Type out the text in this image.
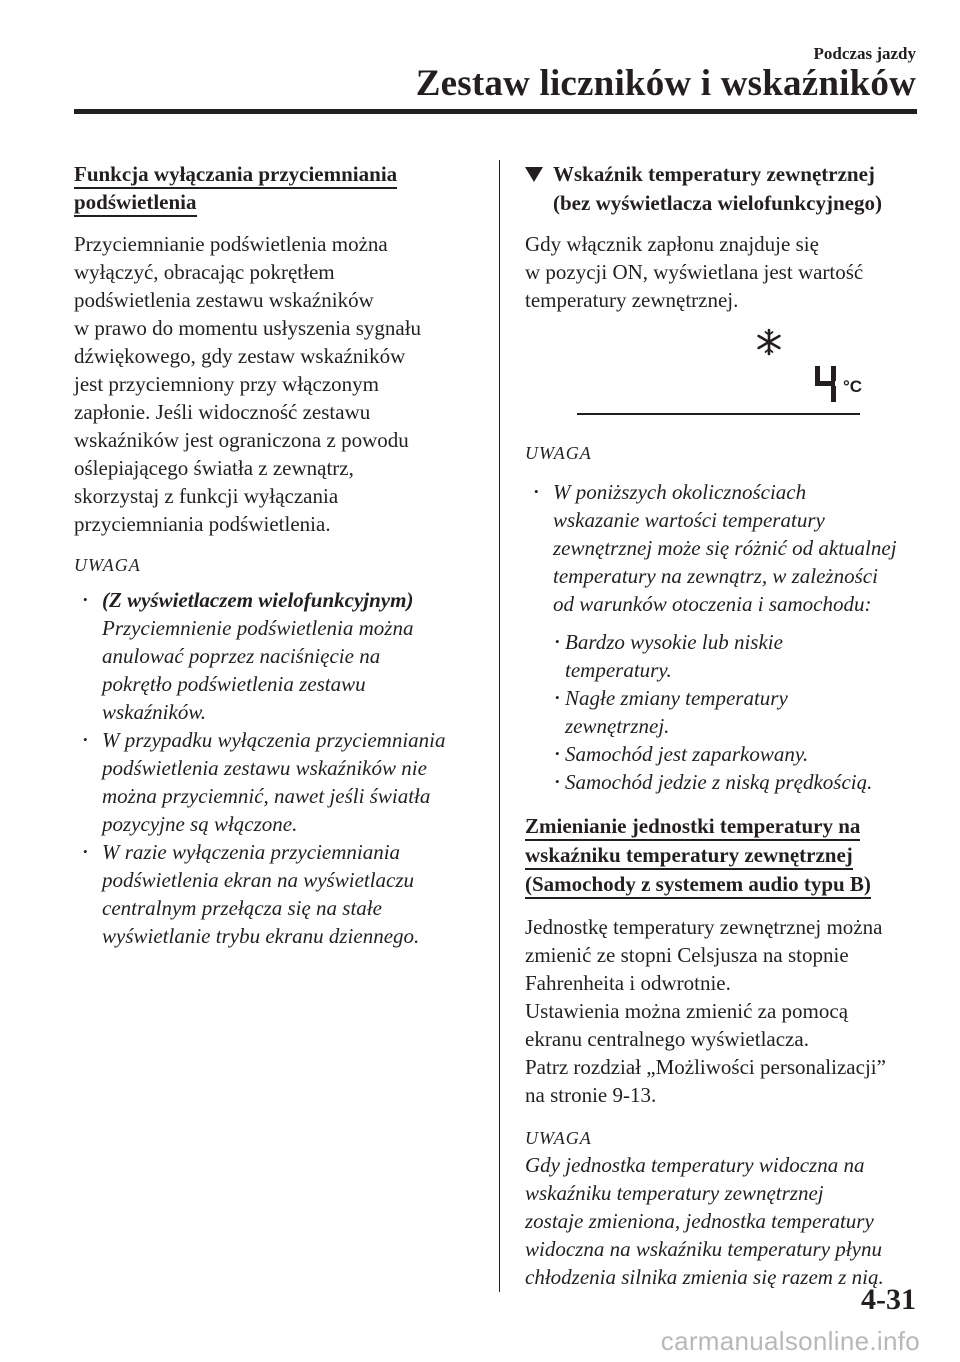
Podczas jazdy
Zestaw liczników i wskaźników
Funkcja wyłączania przyciemniania
podświetlenia

Przyciemnianie podświetlenia można
wyłączyć, obracając pokrętłem
podświetlenia zestawu wskaźników
w prawo do momentu usłyszenia sygnału
dźwiękowego, gdy zestaw wskaźników
jest przyciemniony przy włączonym
zapłonie. Jeśli widoczność zestawu
wskaźników jest ograniczona z powodu
oślepiającego światła z zewnątrz,
skorzystaj z funkcji wyłączania
przyciemniania podświetlenia.

UWAGA
• (Z wyświetlaczem wielofunkcyjnym)
Przyciemnienie podświetlenia można
anulować poprzez naciśnięcie na
pokrętło podświetlenia zestawu
wskaźników.
• W przypadku wyłączenia przyciemniania
podświetlenia zestawu wskaźników nie
można przyciemnić, nawet jeśli światła
pozycyjne są włączone.
• W razie wyłączenia przyciemniania
podświetlenia ekran na wyświetlaczu
centralnym przełącza się na stałe
wyświetlanie trybu ekranu dziennego.
Wskaźnik temperatury zewnętrznej
(bez wyświetlacza wielofunkcyjnego)

Gdy włącznik zapłonu znajduje się
w pozycji ON, wyświetlana jest wartość
temperatury zewnętrznej.

°C
UWAGA
• W poniższych okolicznościach
wskazanie wartości temperatury
zewnętrznej może się różnić od aktualnej
temperatury na zewnątrz, w zależności
od warunków otoczenia i samochodu:
• Bardzo wysokie lub niskie
temperatury.
• Nagłe zmiany temperatury
zewnętrznej.
• Samochód jest zaparkowany.
• Samochód jedzie z niską prędkością.
Zmienianie jednostki temperatury na
wskaźniku temperatury zewnętrznej
(Samochody z systemem audio typu B)

Jednostkę temperatury zewnętrznej można
zmienić ze stopni Celsjusza na stopnie
Fahrenheita i odwrotnie.
Ustawienia można zmienić za pomocą
ekranu centralnego wyświetlacza.
Patrz rozdział „Możliwości personalizacji”
na stronie 9-13.

UWAGA
Gdy jednostka temperatury widoczna na
wskaźniku temperatury zewnętrznej
zostaje zmieniona, jednostka temperatury
widoczna na wskaźniku temperatury płynu
chłodzenia silnika zmienia się razem z nią.
4-31
carmanualsonline.info
